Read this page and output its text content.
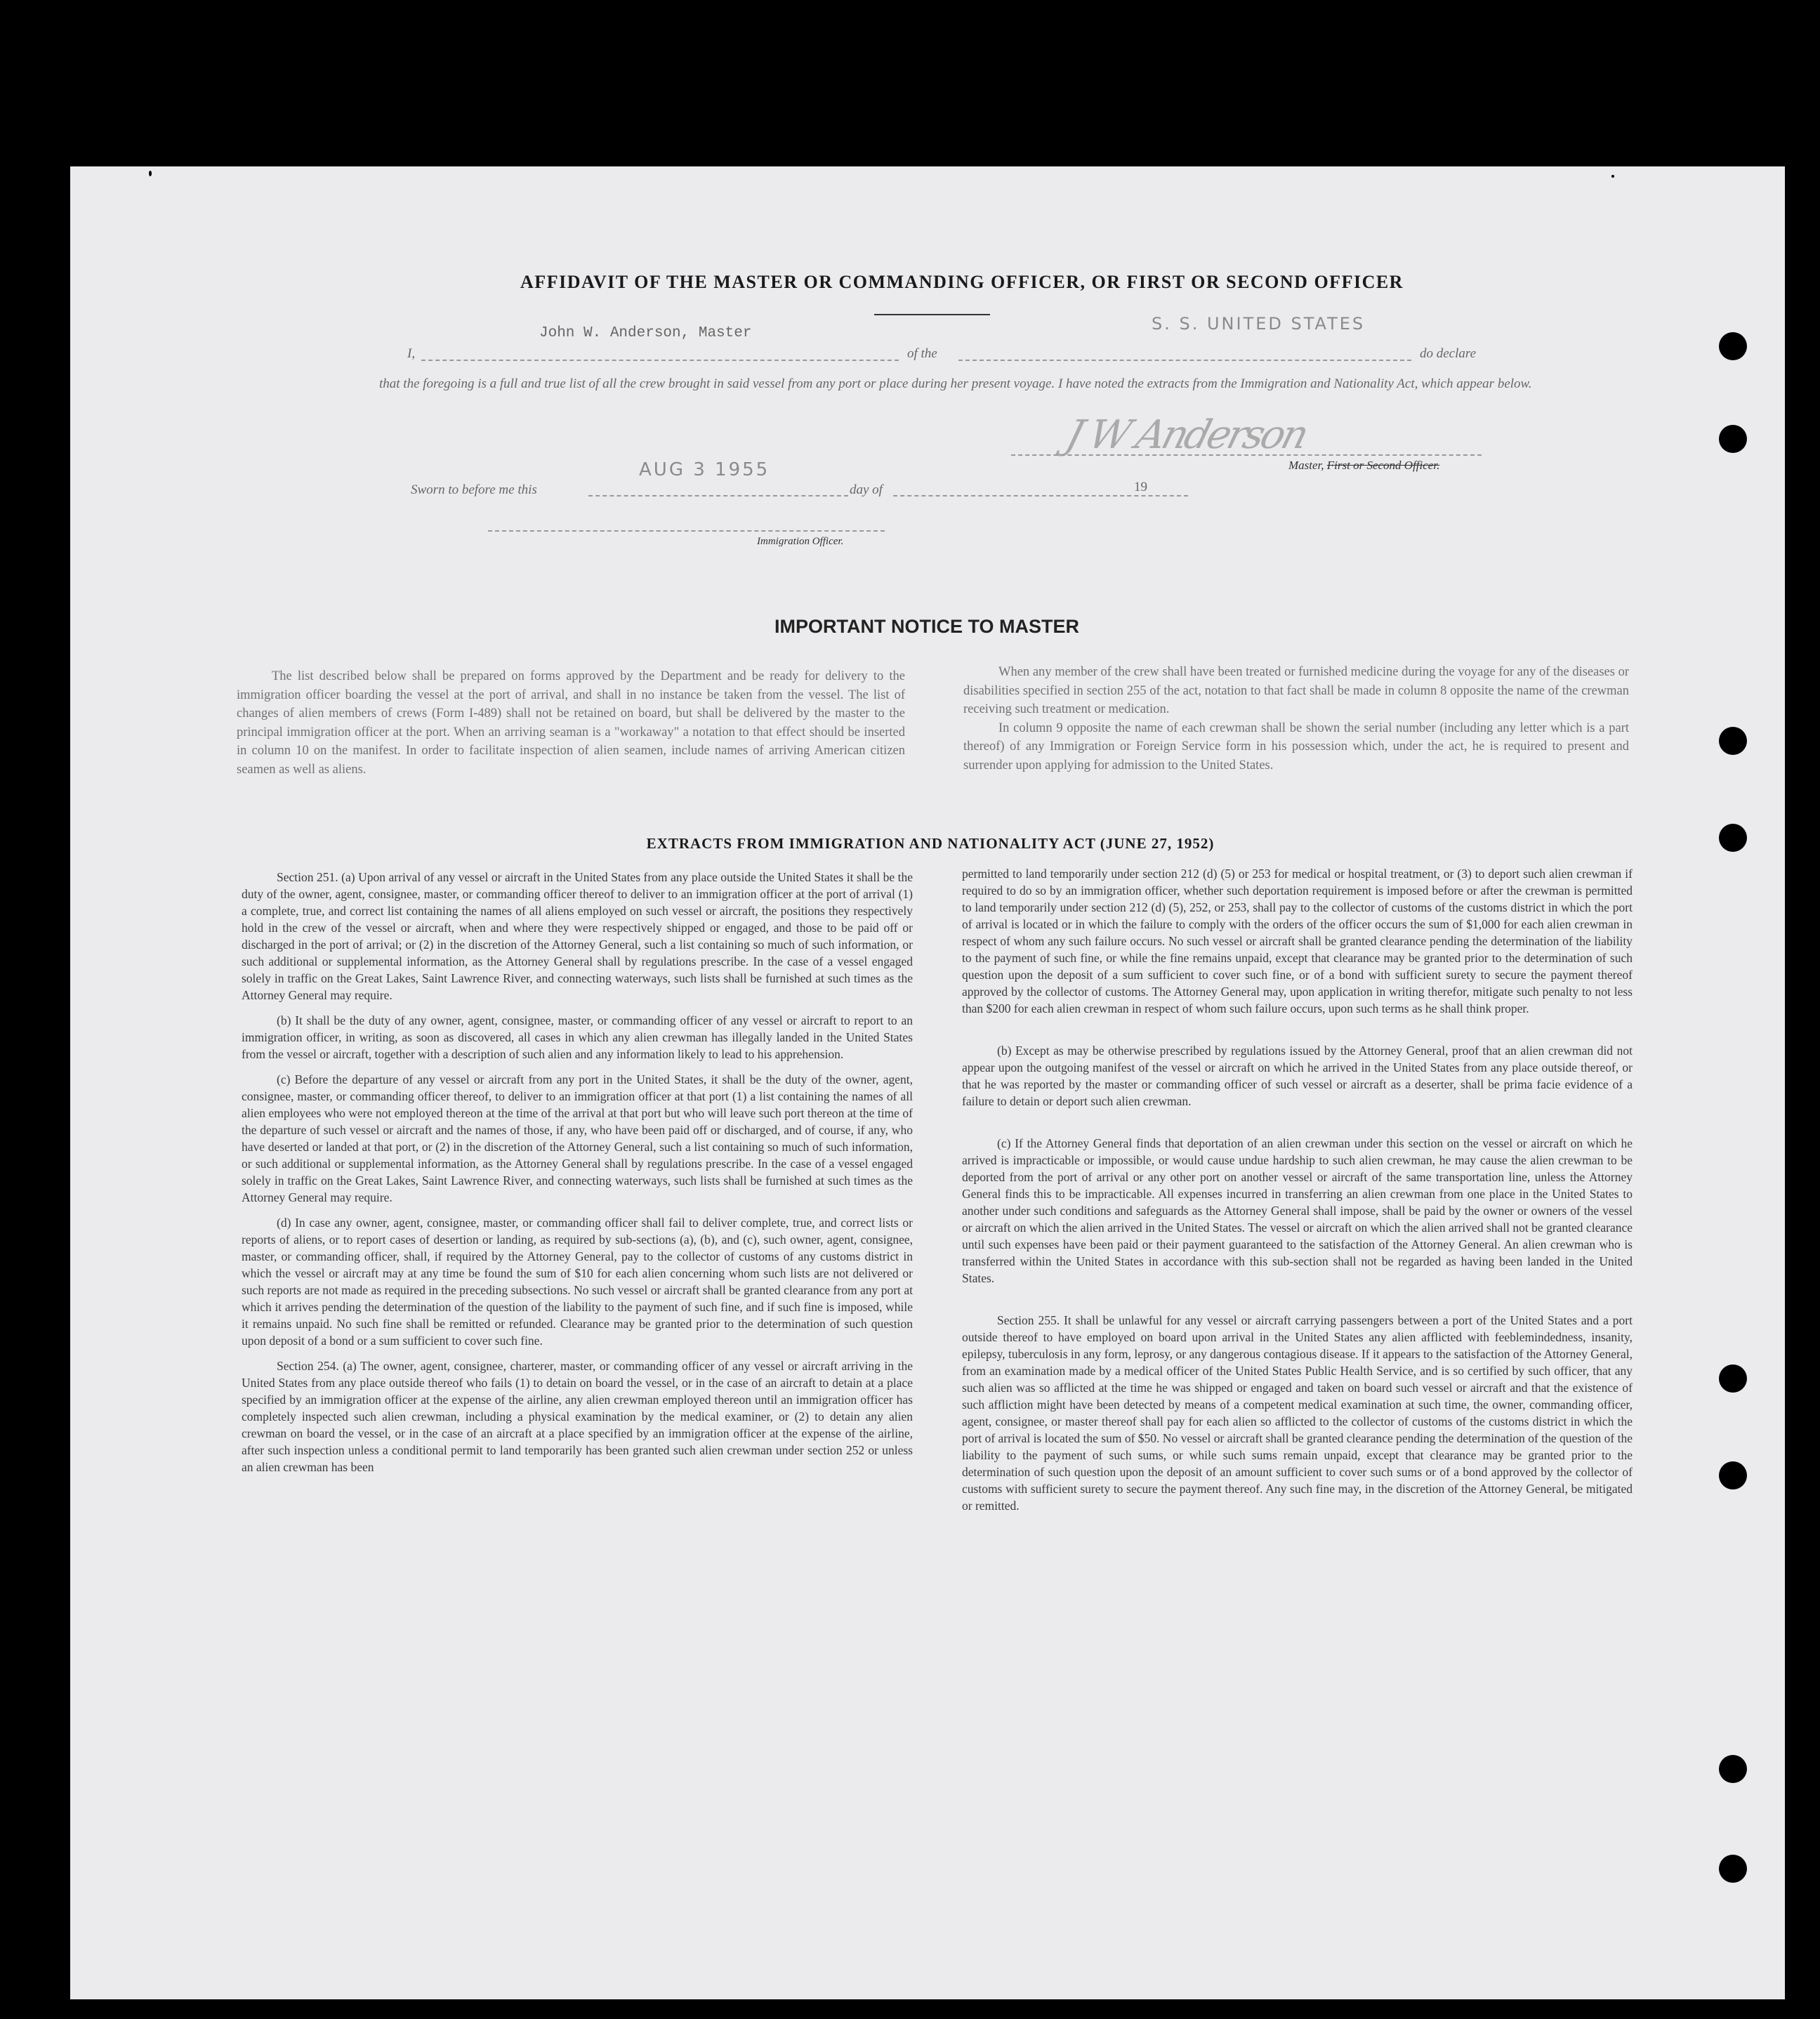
AFFIDAVIT OF THE MASTER OR COMMANDING OFFICER, OR FIRST OR SECOND OFFICER
John W. Anderson, Master	S. S. UNITED STATES
I,	of the	do declare
that the foregoing is a full and true list of all the crew brought in said vessel from any port or place during her present voyage. I have noted the extracts from the Immigration and Nationality Act, which appear below.
J W Anderson
Master, First or Second Officer.
AUG 3 1955
Sworn to before me this	day of	19
Immigration Officer.
IMPORTANT NOTICE TO MASTER

The list described below shall be prepared on forms approved by the Department and be ready for delivery to the immigration officer boarding the vessel at the port of arrival, and shall in no instance be taken from the vessel. The list of changes of alien members of crews (Form I-489) shall not be retained on board, but shall be delivered by the master to the principal immigration officer at the port. When an arriving seaman is a "workaway" a notation to that effect should be inserted in column 10 on the manifest. In order to facilitate inspection of alien seamen, include names of arriving American citizen seamen as well as aliens.

When any member of the crew shall have been treated or furnished medicine during the voyage for any of the diseases or disabilities specified in section 255 of the act, notation to that fact shall be made in column 8 opposite the name of the crewman receiving such treatment or medication.

In column 9 opposite the name of each crewman shall be shown the serial number (including any letter which is a part thereof) of any Immigration or Foreign Service form in his possession which, under the act, he is required to present and surrender upon applying for admission to the United States.

EXTRACTS FROM IMMIGRATION AND NATIONALITY ACT (JUNE 27, 1952)

Section 251. (a) Upon arrival of any vessel or aircraft in the United States from any place outside the United States it shall be the duty of the owner, agent, consignee, master, or commanding officer thereof to deliver to an immigration officer at the port of arrival (1) a complete, true, and correct list containing the names of all aliens employed on such vessel or aircraft, the positions they respectively hold in the crew of the vessel or aircraft, when and where they were respectively shipped or engaged, and those to be paid off or discharged in the port of arrival; or (2) in the discretion of the Attorney General, such a list containing so much of such information, or such additional or supplemental information, as the Attorney General shall by regulations prescribe. In the case of a vessel engaged solely in traffic on the Great Lakes, Saint Lawrence River, and connecting waterways, such lists shall be furnished at such times as the Attorney General may require.

(b) It shall be the duty of any owner, agent, consignee, master, or commanding officer of any vessel or aircraft to report to an immigration officer, in writing, as soon as discovered, all cases in which any alien crewman has illegally landed in the United States from the vessel or aircraft, together with a description of such alien and any information likely to lead to his apprehension.

(c) Before the departure of any vessel or aircraft from any port in the United States, it shall be the duty of the owner, agent, consignee, master, or commanding officer thereof, to deliver to an immigration officer at that port (1) a list containing the names of all alien employees who were not employed thereon at the time of the arrival at that port but who will leave such port thereon at the time of the departure of such vessel or aircraft and the names of those, if any, who have been paid off or discharged, and of course, if any, who have deserted or landed at that port, or (2) in the discretion of the Attorney General, such a list containing so much of such information, or such additional or supplemental information, as the Attorney General shall by regulations prescribe. In the case of a vessel engaged solely in traffic on the Great Lakes, Saint Lawrence River, and connecting waterways, such lists shall be furnished at such times as the Attorney General may require.

(d) In case any owner, agent, consignee, master, or commanding officer shall fail to deliver complete, true, and correct lists or reports of aliens, or to report cases of desertion or landing, as required by sub-sections (a), (b), and (c), such owner, agent, consignee, master, or commanding officer, shall, if required by the Attorney General, pay to the collector of customs of any customs district in which the vessel or aircraft may at any time be found the sum of $10 for each alien concerning whom such lists are not delivered or such reports are not made as required in the preceding subsections. No such vessel or aircraft shall be granted clearance from any port at which it arrives pending the determination of the question of the liability to the payment of such fine, and if such fine is imposed, while it remains unpaid. No such fine shall be remitted or refunded. Clearance may be granted prior to the determination of such question upon deposit of a bond or a sum sufficient to cover such fine.

Section 254. (a) The owner, agent, consignee, charterer, master, or commanding officer of any vessel or aircraft arriving in the United States from any place outside thereof who fails (1) to detain on board the vessel, or in the case of an aircraft to detain at a place specified by an immigration officer at the expense of the airline, any alien crewman employed thereon until an immigration officer has completely inspected such alien crewman, including a physical examination by the medical examiner, or (2) to detain any alien crewman on board the vessel, or in the case of an aircraft at a place specified by an immigration officer at the expense of the airline, after such inspection unless a conditional permit to land temporarily has been granted such alien crewman under section 252 or unless an alien crewman has been

permitted to land temporarily under section 212 (d) (5) or 253 for medical or hospital treatment, or (3) to deport such alien crewman if required to do so by an immigration officer, whether such deportation requirement is imposed before or after the crewman is permitted to land temporarily under section 212 (d) (5), 252, or 253, shall pay to the collector of customs of the customs district in which the port of arrival is located or in which the failure to comply with the orders of the officer occurs the sum of $1,000 for each alien crewman in respect of whom any such failure occurs. No such vessel or aircraft shall be granted clearance pending the determination of the liability to the payment of such fine, or while the fine remains unpaid, except that clearance may be granted prior to the determination of such question upon the deposit of a sum sufficient to cover such fine, or of a bond with sufficient surety to secure the payment thereof approved by the collector of customs. The Attorney General may, upon application in writing therefor, mitigate such penalty to not less than $200 for each alien crewman in respect of whom such failure occurs, upon such terms as he shall think proper.

(b) Except as may be otherwise prescribed by regulations issued by the Attorney General, proof that an alien crewman did not appear upon the outgoing manifest of the vessel or aircraft on which he arrived in the United States from any place outside thereof, or that he was reported by the master or commanding officer of such vessel or aircraft as a deserter, shall be prima facie evidence of a failure to detain or deport such alien crewman.

(c) If the Attorney General finds that deportation of an alien crewman under this section on the vessel or aircraft on which he arrived is impracticable or impossible, or would cause undue hardship to such alien crewman, he may cause the alien crewman to be deported from the port of arrival or any other port on another vessel or aircraft of the same transportation line, unless the Attorney General finds this to be impracticable. All expenses incurred in transferring an alien crewman from one place in the United States to another under such conditions and safeguards as the Attorney General shall impose, shall be paid by the owner or owners of the vessel or aircraft on which the alien arrived in the United States. The vessel or aircraft on which the alien arrived shall not be granted clearance until such expenses have been paid or their payment guaranteed to the satisfaction of the Attorney General. An alien crewman who is transferred within the United States in accordance with this sub-section shall not be regarded as having been landed in the United States.

Section 255. It shall be unlawful for any vessel or aircraft carrying passengers between a port of the United States and a port outside thereof to have employed on board upon arrival in the United States any alien afflicted with feeblemindedness, insanity, epilepsy, tuberculosis in any form, leprosy, or any dangerous contagious disease. If it appears to the satisfaction of the Attorney General, from an examination made by a medical officer of the United States Public Health Service, and is so certified by such officer, that any such alien was so afflicted at the time he was shipped or engaged and taken on board such vessel or aircraft and that the existence of such affliction might have been detected by means of a competent medical examination at such time, the owner, commanding officer, agent, consignee, or master thereof shall pay for each alien so afflicted to the collector of customs of the customs district in which the port of arrival is located the sum of $50. No vessel or aircraft shall be granted clearance pending the determination of the question of the liability to the payment of such sums, or while such sums remain unpaid, except that clearance may be granted prior to the determination of such question upon the deposit of an amount sufficient to cover such sums or of a bond approved by the collector of customs with sufficient surety to secure the payment thereof. Any such fine may, in the discretion of the Attorney General, be mitigated or remitted.
